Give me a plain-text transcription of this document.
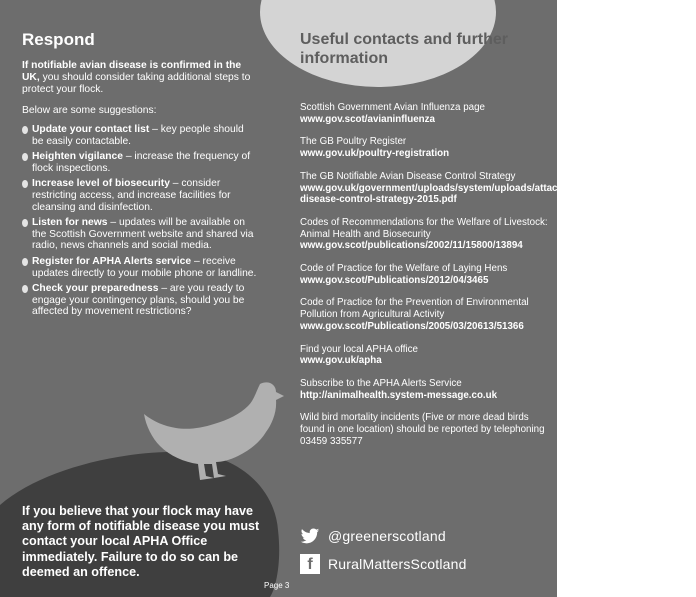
Respond

If notifiable avian disease is confirmed in the UK, you should consider taking additional steps to protect your flock.

Below are some suggestions:

Update your contact list – key people should be easily contactable.
Heighten vigilance – increase the frequency of flock inspections.
Increase level of biosecurity – consider restricting access, and increase facilities for cleansing and disinfection.
Listen for news – updates will be available on the Scottish Government website and shared via radio, news channels and social media.
Register for APHA Alerts service – receive updates directly to your mobile phone or landline.
Check your preparedness – are you ready to engage your contingency plans, should you be affected by movement restrictions?
Useful contacts and further information
Scottish Government Avian Influenza page
www.gov.scot/avianinfluenza
The GB Poultry Register
www.gov.uk/poultry-registration
The GB Notifiable Avian Disease Control Strategy
www.gov.uk/government/uploads/system/uploads/attachment_data/file/468294/avian-disease-control-strategy-2015.pdf
Codes of Recommendations for the Welfare of Livestock: Animal Health and Biosecurity
www.gov.scot/publications/2002/11/15800/13894
Code of Practice for the Welfare of Laying Hens
www.gov.scot/Publications/2012/04/3465
Code of Practice for the Prevention of Environmental Pollution from Agricultural Activity
www.gov.scot/Publications/2005/03/20613/51366
Find your local APHA office
www.gov.uk/apha
Subscribe to the APHA Alerts Service
http://animalhealth.system-message.co.uk
Wild bird mortality incidents (Five or more dead birds found in one location) should be reported by telephoning 03459 335577
If you believe that your flock may have any form of notifiable disease you must contact your local APHA Office immediately. Failure to do so can be deemed an offence.
@greenerscotland
f	RuralMattersScotland
Page 3
